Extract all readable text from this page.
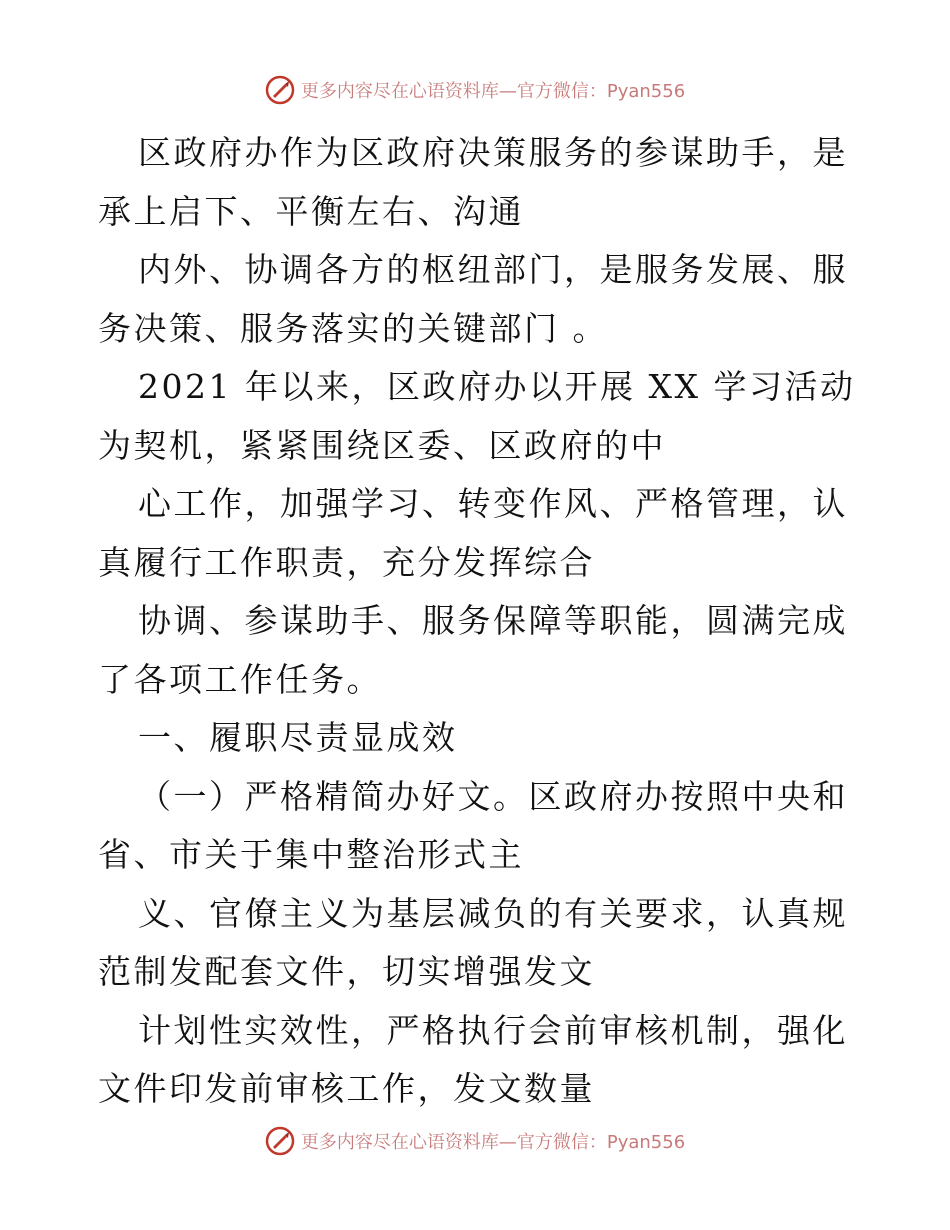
更多内容尽在心语资料库—官方微信：Pyan556

区政府办作为区政府决策服务的参谋助手，是承上启下、平衡左右、沟通

内外、协调各方的枢纽部门，是服务发展、服务决策、服务落实的关键部门 。

2021 年以来，区政府办以开展 XX 学习活动为契机，紧紧围绕区委、区政府的中

心工作，加强学习、转变作风、严格管理，认真履行工作职责，充分发挥综合

协调、参谋助手、服务保障等职能，圆满完成了各项工作任务。

一、履职尽责显成效

（一）严格精简办好文。区政府办按照中央和省、市关于集中整治形式主

义、官僚主义为基层减负的有关要求，认真规范制发配套文件，切实增强发文

计划性实效性，严格执行会前审核机制，强化文件印发前审核工作，发文数量

更多内容尽在心语资料库—官方微信：Pyan556
